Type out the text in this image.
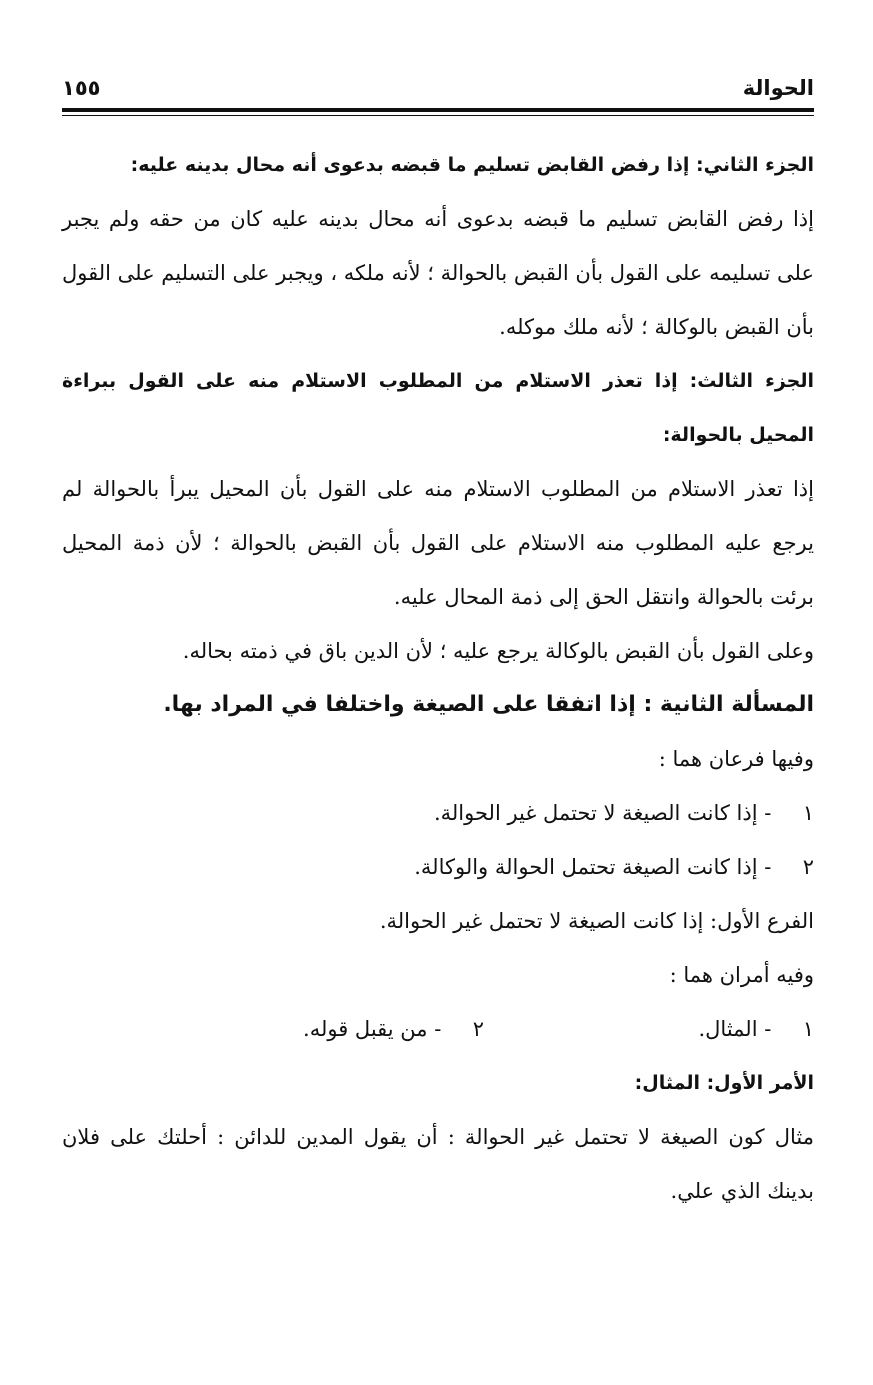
الحوالة
١٥٥

الجزء الثاني: إذا رفض القابض تسليم ما قبضه بدعوى أنه محال بدينه عليه:

إذا رفض القابض تسليم ما قبضه بدعوى أنه محال بدينه عليه كان من حقه ولم يجبر على تسليمه على القول بأن القبض بالحوالة ؛ لأنه ملكه ، ويجبر على التسليم على القول بأن القبض بالوكالة ؛ لأنه ملك موكله.

الجزء الثالث: إذا تعذر الاستلام من المطلوب الاستلام منه على القول ببراءة المحيل بالحوالة:

إذا تعذر الاستلام من المطلوب الاستلام منه على القول بأن المحيل يبرأ بالحوالة لم يرجع عليه المطلوب منه الاستلام على القول بأن القبض بالحوالة ؛ لأن ذمة المحيل برئت بالحوالة وانتقل الحق إلى ذمة المحال عليه.

وعلى القول بأن القبض بالوكالة يرجع عليه ؛ لأن الدين باق في ذمته بحاله.

المسألة الثانية : إذا اتفقا على الصيغة واختلفا في المراد بها.

وفيها فرعان هما :

١ - إذا كانت الصيغة لا تحتمل غير الحوالة.

٢ - إذا كانت الصيغة تحتمل الحوالة والوكالة.

الفرع الأول: إذا كانت الصيغة لا تحتمل غير الحوالة.

وفيه أمران هما :

١ - المثال.
٢ - من يقبل قوله.

الأمر الأول: المثال:

مثال كون الصيغة لا تحتمل غير الحوالة : أن يقول المدين للدائن : أحلتك على فلان بدينك الذي علي.
